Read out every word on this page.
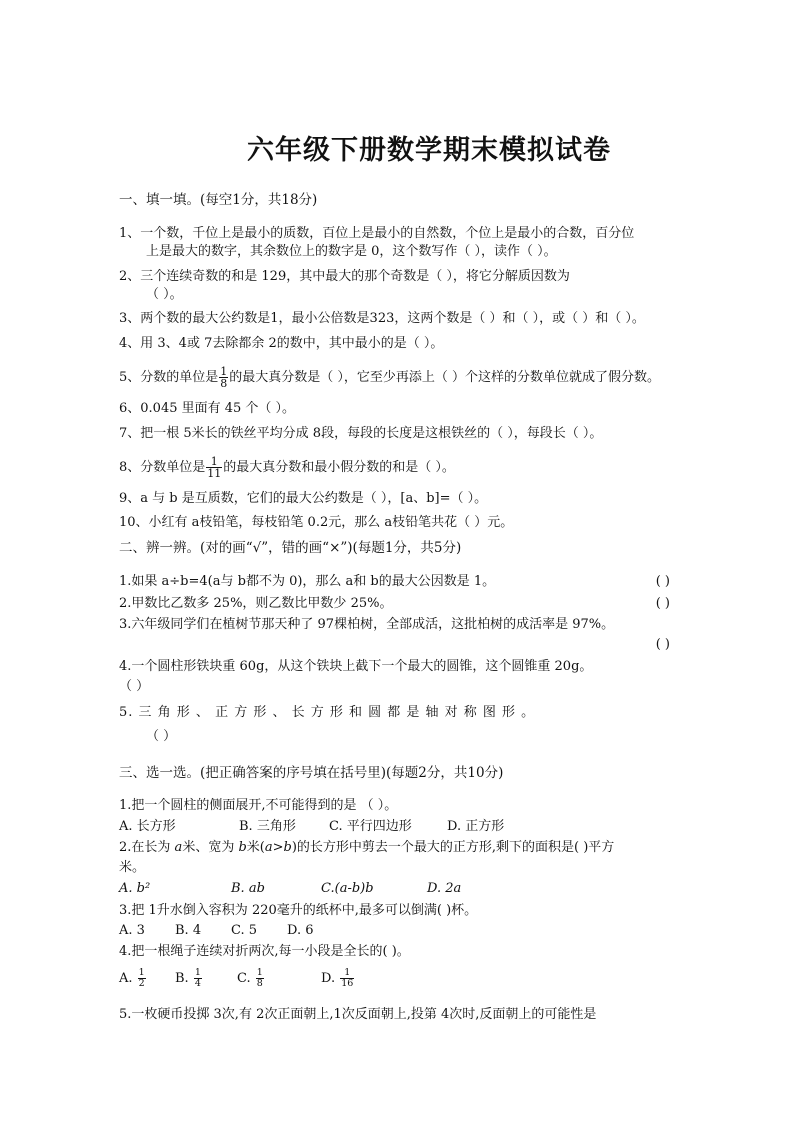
六年级下册数学期末模拟试卷
一、填一填。(每空1分，共18分)
1、一个数，千位上是最小的质数，百位上是最小的自然数，个位上是最小的合数，百分位
上是最大的数字，其余数位上的数字是 0，这个数写作（ ），读作（ ）。
2、三个连续奇数的和是 129，其中最大的那个奇数是（ ），将它分解质因数为
（ ）。
3、两个数的最大公约数是1，最小公倍数是323，这两个数是（ ）和（ ），或（ ）和（ ）。
4、用 3、4或 7去除都余 2的数中，其中最小的是（ ）。
5、分数的单位是 $\frac{1}{8}$ 的最大真分数是（ ），它至少再添上（ ）个这样的分数单位就成了假分数。
6、0.045 里面有 45 个（ ）。
7、把一根 5米长的铁丝平均分成 8段，每段的长度是这根铁丝的（ ），每段长（ ）。
8、分数单位是 $\frac{1}{11}$ 的最大真分数和最小假分数的和是（ ）。
9、a 与 b 是互质数，它们的最大公约数是（ ），[a、b]=（ ）。
10、小红有 a枝铅笔，每枝铅笔 0.2元，那么 a枝铅笔共花（ ）元。
二、辨一辨。(对的画“√”，错的画“×”)(每题1分，共5分)
1.如果 a÷b=4(a与 b都不为 0)，那么 a和 b的最大公因数是 1。	( )
2.甲数比乙数多 25%，则乙数比甲数少 25%。	( )
3.六年级同学们在植树节那天种了 97棵柏树，全部成活，这批柏树的成活率是 97%。
( )
4.一个圆柱形铁块重 60g，从这个铁块上截下一个最大的圆锥，这个圆锥重 20g。
（ ）
5. 三 角 形 、 正 方 形 、 长 方 形 和 圆 都 是 轴 对 称 图 形 。
（ ）
三、选一选。(把正确答案的序号填在括号里)(每题2分，共10分)
1.把一个圆柱的侧面展开,不可能得到的是 （ ）。
A. 长方形	B. 三角形	C. 平行四边形	D. 正方形
2.在长为 a米、宽为 b米(a>b)的长方形中剪去一个最大的正方形,剩下的面积是( )平方
米。
A. b²	B. ab	C.(a-b)b	D. 2a
3.把 1升水倒入容积为 220毫升的纸杯中,最多可以倒满( )杯。
A. 3 B. 4 C. 5 D. 6
4.把一根绳子连续对折两次,每一小段是全长的( )。
A. $\frac{1}{2} B$. $\frac{1}{4}$	C. $\frac{1}{8}$	D. $\frac{1}{16}$
5.一枚硬币投掷 3次,有 2次正面朝上,1次反面朝上,投第 4次时,反面朝上的可能性是
